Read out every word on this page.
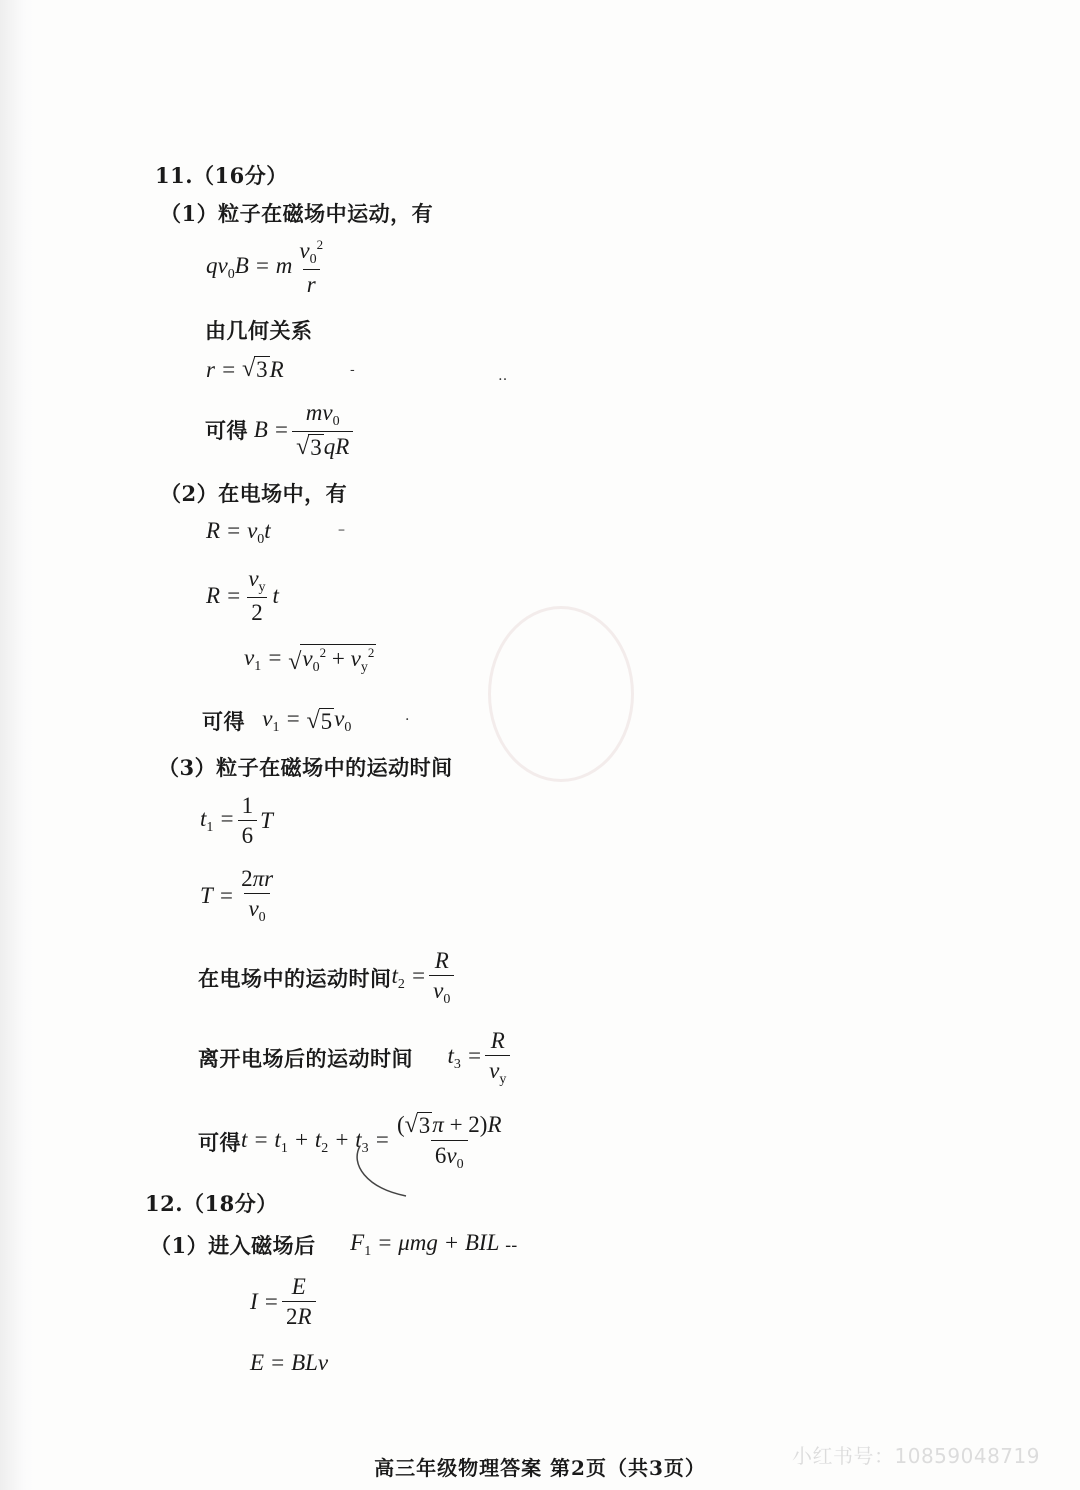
11.（16分）
（1）粒子在磁场中运动，有
$qv_0B = m \frac{v_0^2}{r}$
由几何关系
r = √ 3 R	-	‥
可得 $B = \frac{mv_0}{√ 3 qR}$
（2）在电场中，有
$R = v_0t$	–
$R = \frac{v_y}{2}$ t
$v_1$ = √ $v_0^2 + v_y^2$
可得 $v_1$ = √ 5 $v_0$	·
（3）粒子在磁场中的运动时间
$t_1 = \frac{1}{6}$ T
$T = \frac{2\pi r}{v_0}$
在电场中的运动时间 $t_2 = \frac{R}{v_0}$
离开电场后的运动时间 $t_3 = \frac{R}{v_y}$
可得 $t = t_1 + t_2 + t_3 = \frac{( √ 3 \pi + 2)R}{6v_0}$
12.（18分）
（1）进入磁场后 $F_1 = \mu mg$ + BIL --
$I = \frac{E}{2R}$
E = BLv
高三年级物理答案 第2页（共3页）	小红书号：10859048719
